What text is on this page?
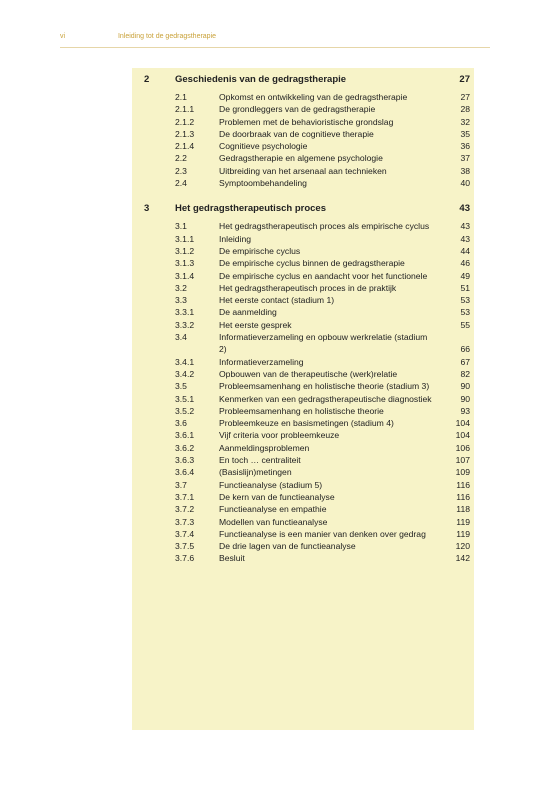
vi	Inleiding tot de gedragstherapie
2	Geschiedenis van de gedragstherapie	27
2.1	Opkomst en ontwikkeling van de gedragstherapie	27
2.1.1	De grondleggers van de gedragstherapie	28
2.1.2	Problemen met de behavioristische grondslag	32
2.1.3	De doorbraak van de cognitieve therapie	35
2.1.4	Cognitieve psychologie	36
2.2	Gedragstherapie en algemene psychologie	37
2.3	Uitbreiding van het arsenaal aan technieken	38
2.4	Symptoombehandeling	40
3	Het gedragstherapeutisch proces	43
3.1	Het gedragstherapeutisch proces als empirische cyclus	43
3.1.1	Inleiding	43
3.1.2	De empirische cyclus	44
3.1.3	De empirische cyclus binnen de gedragstherapie	46
3.1.4	De empirische cyclus en aandacht voor het functionele	49
3.2	Het gedragstherapeutisch proces in de praktijk	51
3.3	Het eerste contact (stadium 1)	53
3.3.1	De aanmelding	53
3.3.2	Het eerste gesprek	55
3.4	Informatieverzameling en opbouw werkrelatie (stadium 2)	66
3.4.1	Informatieverzameling	67
3.4.2	Opbouwen van de therapeutische (werk)relatie	82
3.5	Probleemsamenhang en holistische theorie (stadium 3)	90
3.5.1	Kenmerken van een gedragstherapeutische diagnostiek	90
3.5.2	Probleemsamenhang en holistische theorie	93
3.6	Probleemkeuze en basismetingen (stadium 4)	104
3.6.1	Vijf criteria voor probleemkeuze	104
3.6.2	Aanmeldingsproblemen	106
3.6.3	En toch … centraliteit	107
3.6.4	(Basislijn)metingen	109
3.7	Functieanalyse (stadium 5)	116
3.7.1	De kern van de functieanalyse	116
3.7.2	Functieanalyse en empathie	118
3.7.3	Modellen van functieanalyse	119
3.7.4	Functieanalyse is een manier van denken over gedrag	119
3.7.5	De drie lagen van de functieanalyse	120
3.7.6	Besluit	142
